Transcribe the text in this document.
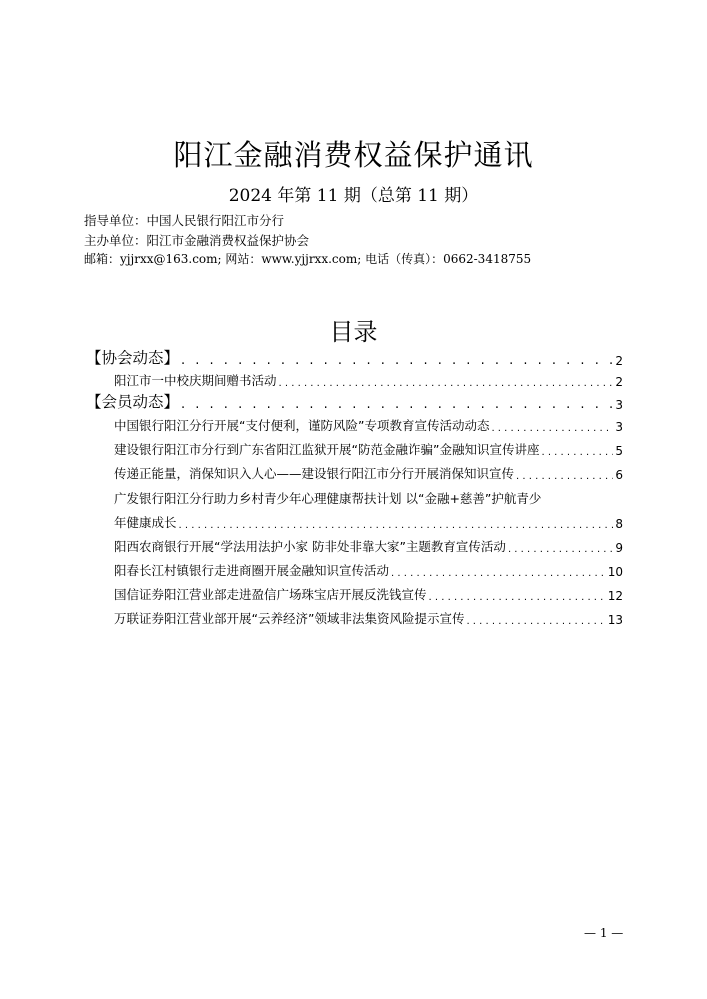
阳江金融消费权益保护通讯
2024 年第 11 期（总第 11 期）
指导单位：中国人民银行阳江市分行
主办单位：阳江市金融消费权益保护协会
邮箱：yjjrxx@163.com; 网站：www.yjjrxx.com; 电话（传真）：0662-3418755
目录
【协会动态】 . . .	2
阳江市一中校庆期间赠书活动 . . .	2
【会员动态】 . . .	3
中国银行阳江分行开展“支付便利，谨防风险”专项教育宣传活动动态 . . .	3
建设银行阳江市分行到广东省阳江监狱开展“防范金融诈骗”金融知识宣传讲座 . . .	5
传递正能量，消保知识入人心——建设银行阳江市分行开展消保知识宣传 . . .	6
广发银行阳江分行助力乡村青少年心理健康帮扶计划 以“金融+慈善”护航青少
年健康成长 . . .	8
阳西农商银行开展“学法用法护小家 防非处非靠大家”主题教育宣传活动 . . .	9
阳春长江村镇银行走进商圈开展金融知识宣传活动 . . .	10
国信证券阳江营业部走进盈信广场珠宝店开展反洗钱宣传 . . .	12
万联证券阳江营业部开展“云养经济”领域非法集资风险提示宣传 . . .	13
— 1 —
